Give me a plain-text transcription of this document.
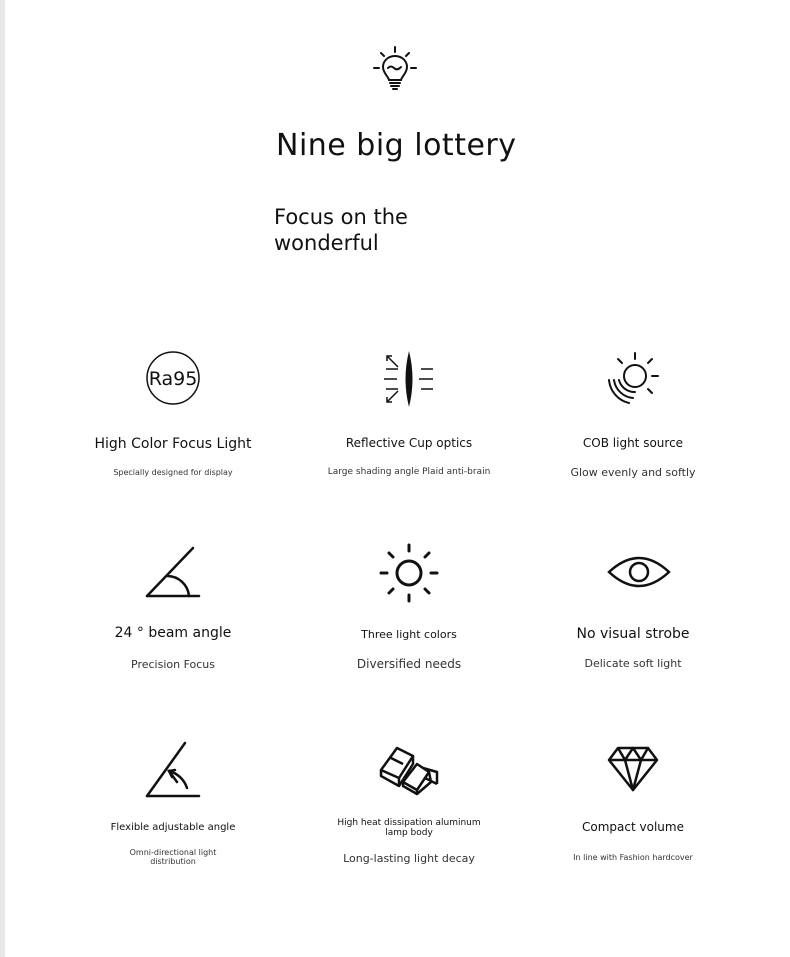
Nine big lottery
Focus on the wonderful
Ra95
High Color Focus Light
Specially designed for display
Reflective Cup optics
Large shading angle Plaid anti-brain
COB light source
Glow evenly and softly
24 ° beam angle
Precision Focus
Three light colors
Diversified needs
No visual strobe
Delicate soft light
Flexible adjustable angle
Omni-directional light distribution
High heat dissipation aluminum lamp body
Long-lasting light decay
Compact volume
In line with Fashion hardcover
